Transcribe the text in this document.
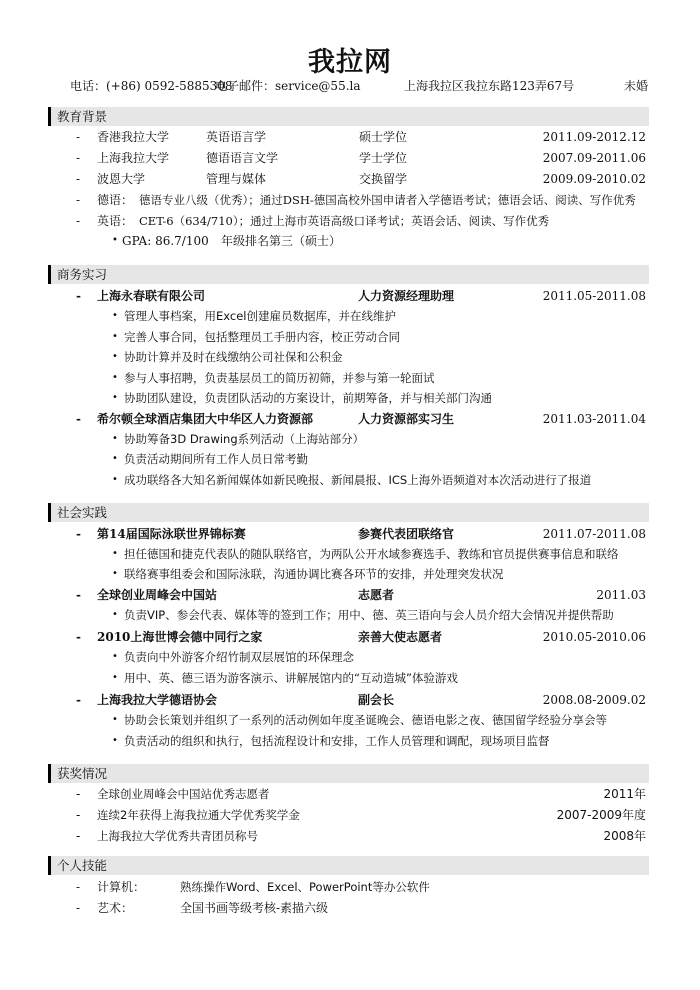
我拉网
电话：(+86) 0592-5885308
电子邮件：service@55.la	上海我拉区我拉东路123弄67号	未婚
教育背景
- 香港我拉大学	英语语言学	硕士学位	2011.09-2012.12
- 上海我拉大学	德语语言文学	学士学位	2007.09-2011.06
- 波恩大学	管理与媒体	交换留学	2009.09-2010.02
- 德语： 德语专业八级（优秀）；通过DSH-德国高校外国申请者入学德语考试；德语会话、阅读、写作优秀
- 英语： CET-6（634/710）；通过上海市英语高级口译考试；英语会话、阅读、写作优秀
• GPA: 86.7/100 年级排名第三（硕士）
商务实习
- 上海永春联有限公司	人力资源经理助理	2011.05-2011.08
• 管理人事档案，用Excel创建雇员数据库，并在线维护
• 完善人事合同，包括整理员工手册内容，校正劳动合同
• 协助计算并及时在线缴纳公司社保和公积金
• 参与人事招聘，负责基层员工的简历初筛，并参与第一轮面试
• 协助团队建设，负责团队活动的方案设计，前期筹备，并与相关部门沟通
- 希尔顿全球酒店集团大中华区人力资源部	人力资源部实习生	2011.03-2011.04
• 协助筹备3D Drawing系列活动（上海站部分）
• 负责活动期间所有工作人员日常考勤
• 成功联络各大知名新闻媒体如新民晚报、新闻晨报、ICS上海外语频道对本次活动进行了报道
社会实践
- 第14届国际泳联世界锦标赛	参赛代表团联络官	2011.07-2011.08
• 担任德国和捷克代表队的随队联络官，为两队公开水域参赛选手、教练和官员提供赛事信息和联络
• 联络赛事组委会和国际泳联，沟通协调比赛各环节的安排，并处理突发状况
- 全球创业周峰会中国站	志愿者	2011.03
• 负责VIP、参会代表、媒体等的签到工作；用中、德、英三语向与会人员介绍大会情况并提供帮助
- 2010上海世博会德中同行之家	亲善大使志愿者	2010.05-2010.06
• 负责向中外游客介绍竹制双层展馆的环保理念
• 用中、英、德三语为游客演示、讲解展馆内的“互动造城”体验游戏
- 上海我拉大学德语协会	副会长	2008.08-2009.02
• 协助会长策划并组织了一系列的活动例如年度圣诞晚会、德语电影之夜、德国留学经验分享会等
• 负责活动的组织和执行，包括流程设计和安排，工作人员管理和调配，现场项目监督
获奖情况
- 全球创业周峰会中国站优秀志愿者	2011年
- 连续2年获得上海我拉通大学优秀奖学金	2007-2009年度
- 上海我拉大学优秀共青团员称号	2008年
个人技能
- 计算机：	熟练操作Word、Excel、PowerPoint等办公软件
- 艺术：	全国书画等级考核-素描六级
